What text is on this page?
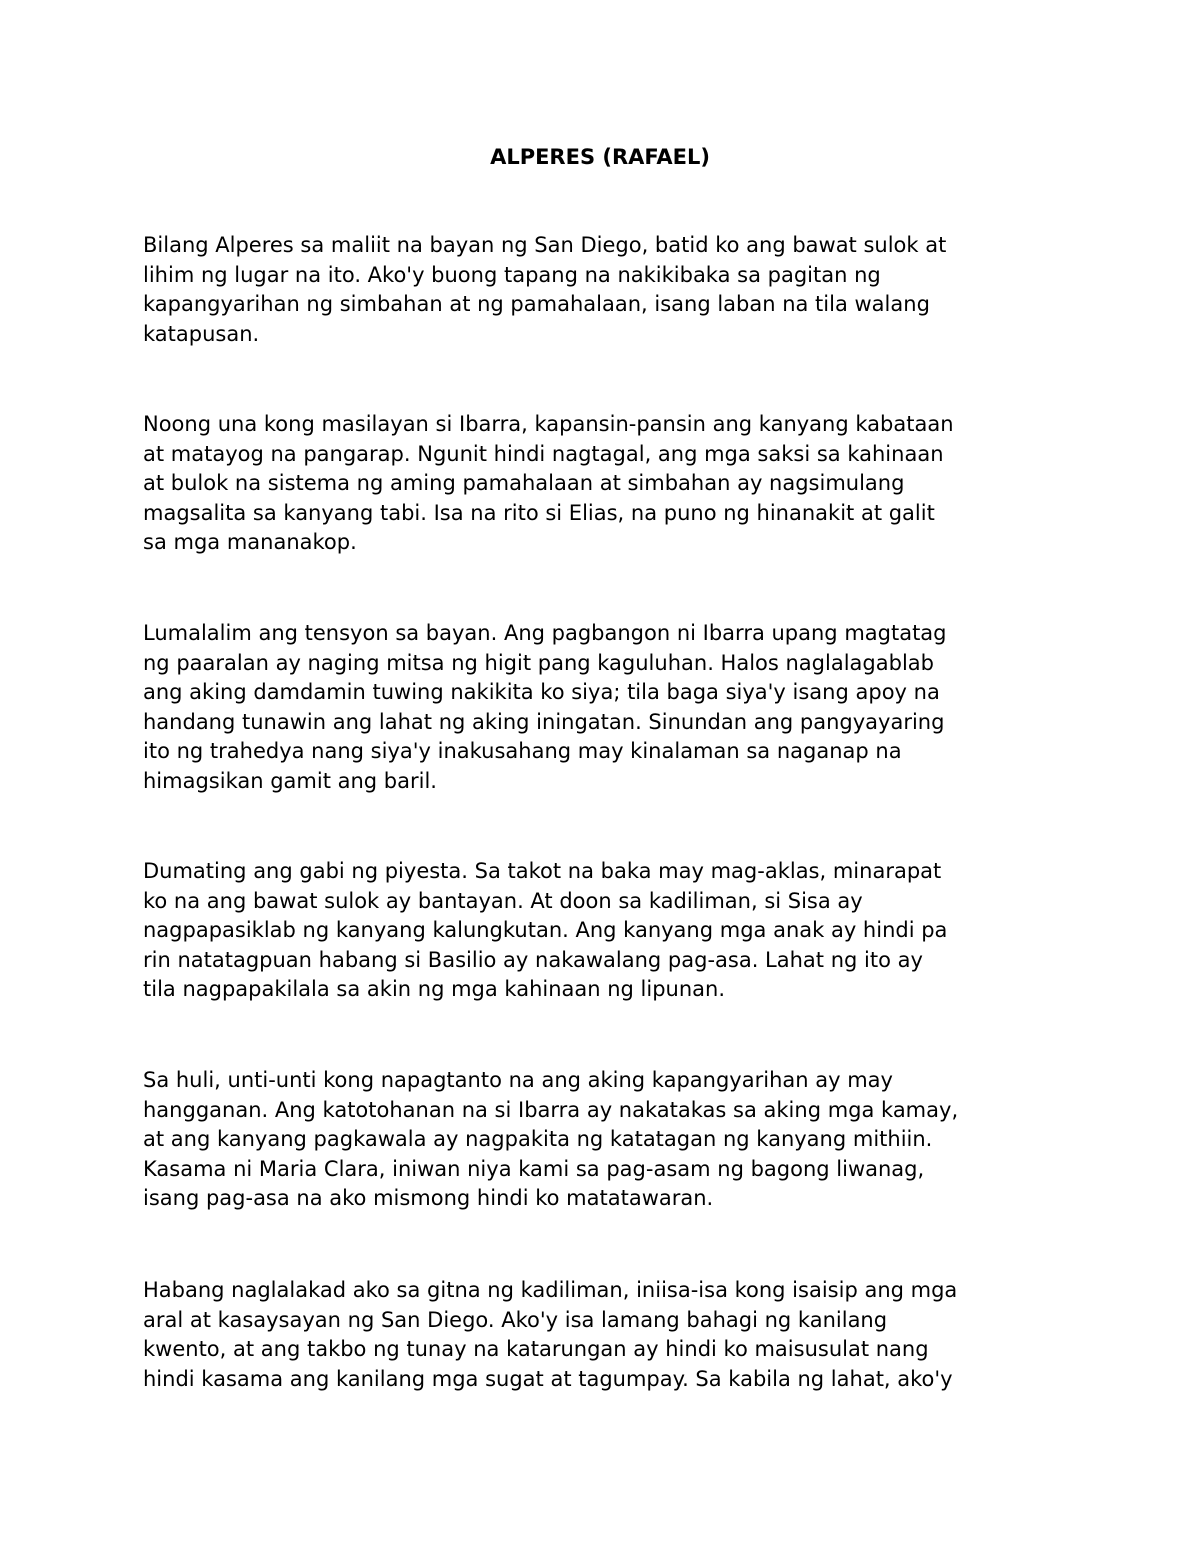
ALPERES (RAFAEL)

Bilang Alperes sa maliit na bayan ng San Diego, batid ko ang bawat sulok at
lihim ng lugar na ito. Ako'y buong tapang na nakikibaka sa pagitan ng
kapangyarihan ng simbahan at ng pamahalaan, isang laban na tila walang
katapusan.

Noong una kong masilayan si Ibarra, kapansin-pansin ang kanyang kabataan
at matayog na pangarap. Ngunit hindi nagtagal, ang mga saksi sa kahinaan
at bulok na sistema ng aming pamahalaan at simbahan ay nagsimulang
magsalita sa kanyang tabi. Isa na rito si Elias, na puno ng hinanakit at galit
sa mga mananakop.

Lumalalim ang tensyon sa bayan. Ang pagbangon ni Ibarra upang magtatag
ng paaralan ay naging mitsa ng higit pang kaguluhan. Halos naglalagablab
ang aking damdamin tuwing nakikita ko siya; tila baga siya'y isang apoy na
handang tunawin ang lahat ng aking iningatan. Sinundan ang pangyayaring
ito ng trahedya nang siya'y inakusahang may kinalaman sa naganap na
himagsikan gamit ang baril.

Dumating ang gabi ng piyesta. Sa takot na baka may mag-aklas, minarapat
ko na ang bawat sulok ay bantayan. At doon sa kadiliman, si Sisa ay
nagpapasiklab ng kanyang kalungkutan. Ang kanyang mga anak ay hindi pa
rin natatagpuan habang si Basilio ay nakawalang pag-asa. Lahat ng ito ay
tila nagpapakilala sa akin ng mga kahinaan ng lipunan.

Sa huli, unti-unti kong napagtanto na ang aking kapangyarihan ay may
hangganan. Ang katotohanan na si Ibarra ay nakatakas sa aking mga kamay,
at ang kanyang pagkawala ay nagpakita ng katatagan ng kanyang mithiin.
Kasama ni Maria Clara, iniwan niya kami sa pag-asam ng bagong liwanag,
isang pag-asa na ako mismong hindi ko matatawaran.

Habang naglalakad ako sa gitna ng kadiliman, iniisa-isa kong isaisip ang mga
aral at kasaysayan ng San Diego. Ako'y isa lamang bahagi ng kanilang
kwento, at ang takbo ng tunay na katarungan ay hindi ko maisusulat nang
hindi kasama ang kanilang mga sugat at tagumpay. Sa kabila ng lahat, ako'y
